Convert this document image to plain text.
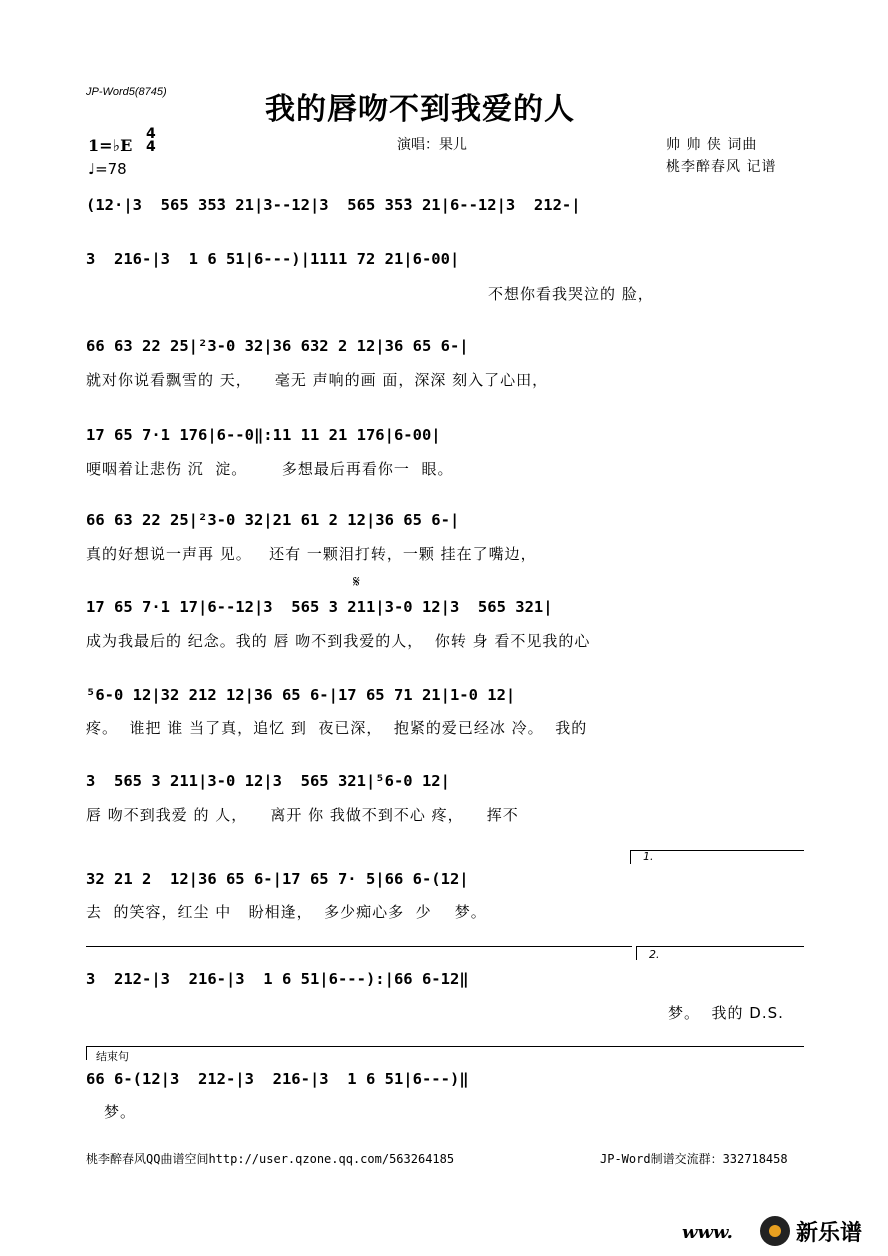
JP-Word5(8745)	我的唇吻不到我爱的人
1=♭E
4
4
♩=78
演唱：果儿	帅 帅 侠 词曲
桃李醉春风 记谱
(12·|3  565 35̄3 21|3--12|3  565 35̄3 21|6--12|3  212-|
3  216-|3  1 6 51|6---)|1111 72 21|6-00|
不想你看我哭泣的 脸，
66 63 22 25|²3-0 32|36 632 2 12|36 65 6-|
就对你说看飘雪的 天，    毫无 声响的画 面，深深 刻入了心田，
17 65 7·1 176|6--0‖:11 11 21 176|6-00|
哽咽着让悲伤 沉  淀。      多想最后再看你一  眼。
66 63 22 25|²3-0 32|21 61 2 12|36 65 6-|
真的好想说一声再 见。   还有 一颗泪打转，一颗 挂在了嘴边，
𝄋
17 65 7·1 17|6--12|3  565 3 211|3-0 12|3  565 321|
成为我最后的 纪念。我的 唇 吻不到我爱的人，  你转 身 看不见我的心
⁵6-0 12|32 212 12|36 65 6-|17 65 71 21|1-0 12|
疼。  谁把 谁 当了真，追忆 到  夜已深，  抱紧的爱已经冰 冷。  我的
3  565 3 211|3-0 12|3  565 321|⁵6-0 12|
唇 吻不到我爱 的 人，    离开 你 我做不到不心 疼，    挥不
1.
32 21 2  12|36 65 6-|17 65 7· 5|66 6-(12|
去  的笑容，红尘 中   盼相逢，  多少痴心多  少    梦。
2.
3  212-|3  216-|3  1 6 51|6---):|66 6-12‖
梦。  我的 D.S.
结束句
66 6-(12|3  212-|3  216-|3  1 6 51|6---)‖
梦。
桃李醉春风QQ曲谱空间http://user.qzone.qq.com/563264185	JP-Word制谱交流群：332718458
www.	新乐谱
